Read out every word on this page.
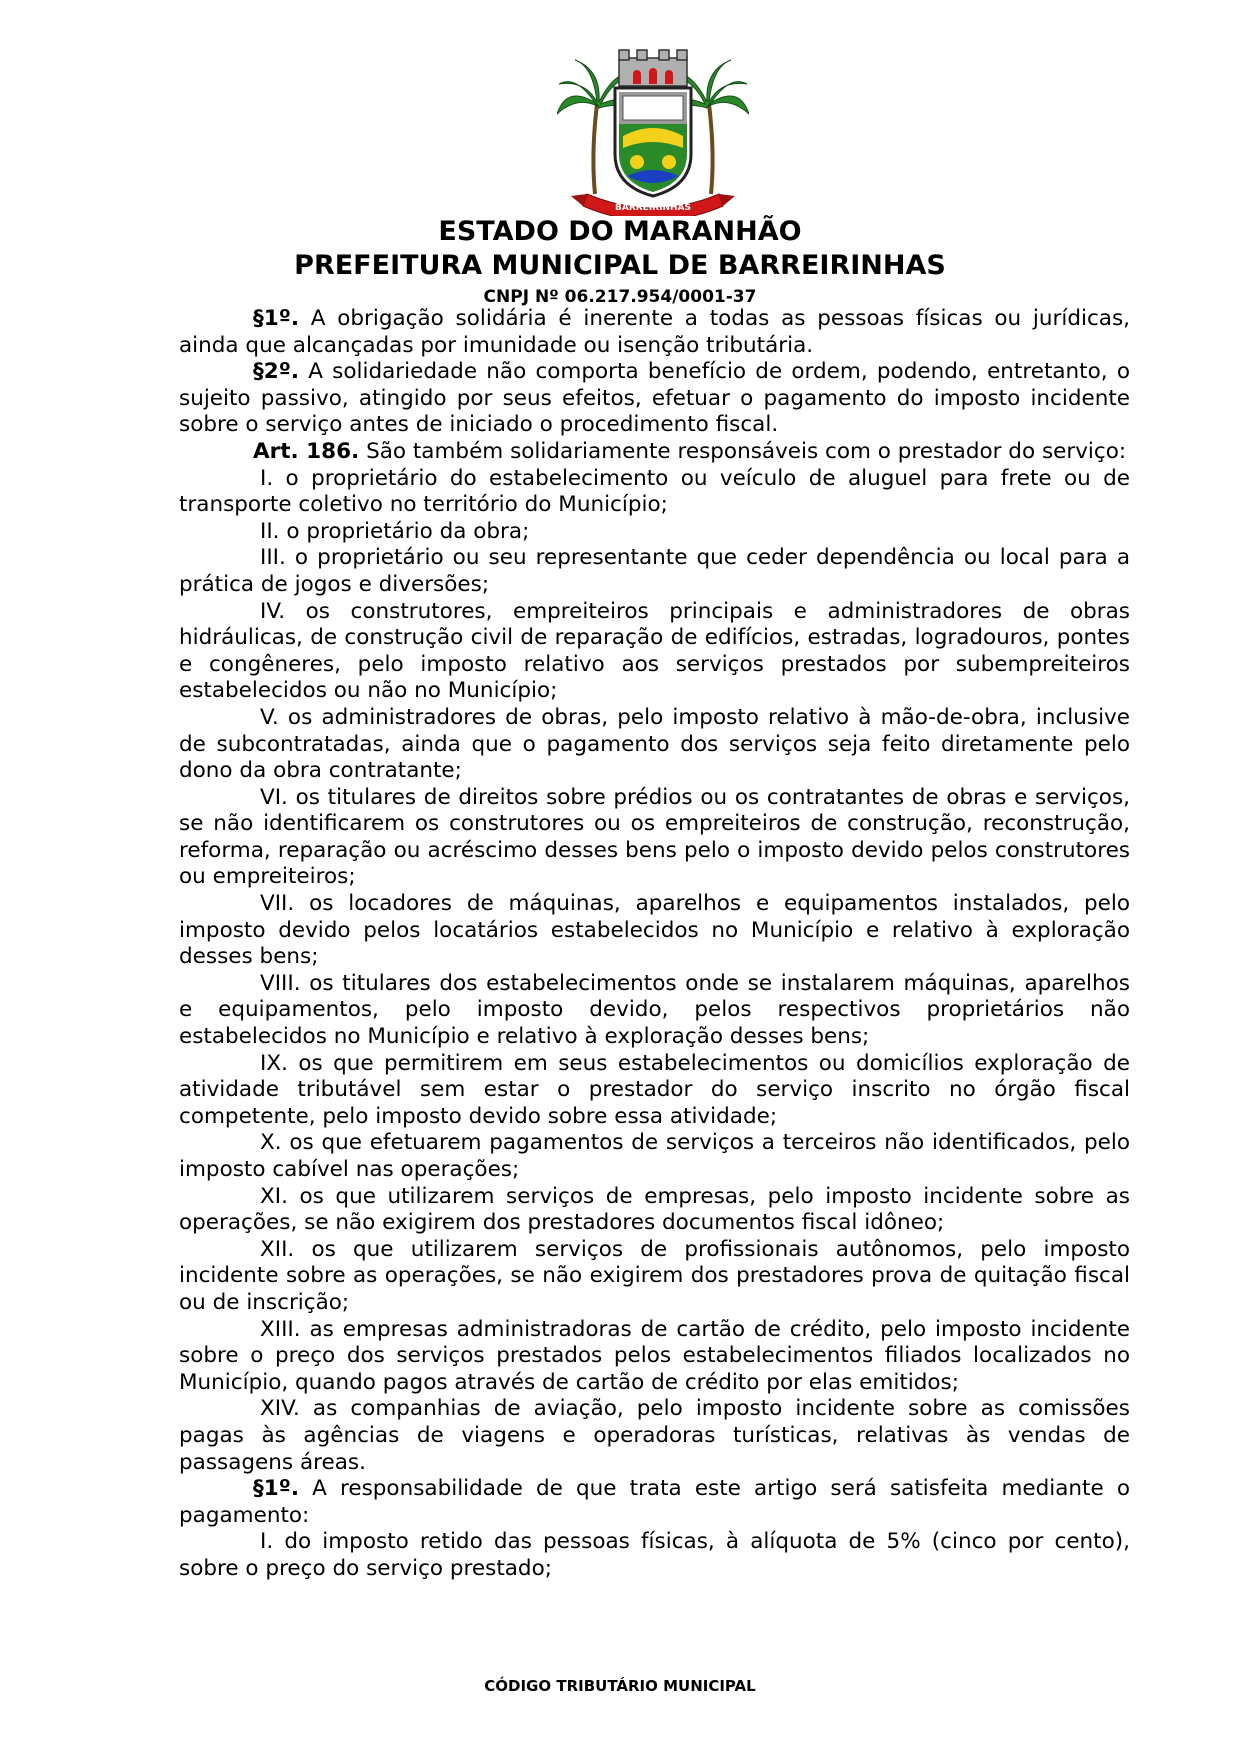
BARREIRINHAS
ESTADO DO MARANHÃO
PREFEITURA MUNICIPAL DE BARREIRINHAS
CNPJ Nº 06.217.954/0001-37

§1º. A obrigação solidária é inerente a todas as pessoas físicas ou jurídicas, ainda que alcançadas por imunidade ou isenção tributária.

§2º. A solidariedade não comporta benefício de ordem, podendo, entretanto, o sujeito passivo, atingido por seus efeitos, efetuar o pagamento do imposto incidente sobre o serviço antes de iniciado o procedimento fiscal.

Art. 186. São também solidariamente responsáveis com o prestador do serviço:

I. o proprietário do estabelecimento ou veículo de aluguel para frete ou de transporte coletivo no território do Município;

II. o proprietário da obra;

III. o proprietário ou seu representante que ceder dependência ou local para a prática de jogos e diversões;

IV. os construtores, empreiteiros principais e administradores de obras hidráulicas, de construção civil de reparação de edifícios, estradas, logradouros, pontes e congêneres, pelo imposto relativo aos serviços prestados por subempreiteiros estabelecidos ou não no Município;

V. os administradores de obras, pelo imposto relativo à mão-de-obra, inclusive de subcontratadas, ainda que o pagamento dos serviços seja feito diretamente pelo dono da obra contratante;

VI. os titulares de direitos sobre prédios ou os contratantes de obras e serviços, se não identificarem os construtores ou os empreiteiros de construção, reconstrução, reforma, reparação ou acréscimo desses bens pelo o imposto devido pelos construtores ou empreiteiros;

VII. os locadores de máquinas, aparelhos e equipamentos instalados, pelo imposto devido pelos locatários estabelecidos no Município e relativo à exploração desses bens;

VIII. os titulares dos estabelecimentos onde se instalarem máquinas, aparelhos e equipamentos, pelo imposto devido, pelos respectivos proprietários não estabelecidos no Município e relativo à exploração desses bens;

IX. os que permitirem em seus estabelecimentos ou domicílios exploração de atividade tributável sem estar o prestador do serviço inscrito no órgão fiscal competente, pelo imposto devido sobre essa atividade;

X. os que efetuarem pagamentos de serviços a terceiros não identificados, pelo imposto cabível nas operações;

XI. os que utilizarem serviços de empresas, pelo imposto incidente sobre as operações, se não exigirem dos prestadores documentos fiscal idôneo;

XII. os que utilizarem serviços de profissionais autônomos, pelo imposto incidente sobre as operações, se não exigirem dos prestadores prova de quitação fiscal ou de inscrição;

XIII. as empresas administradoras de cartão de crédito, pelo imposto incidente sobre o preço dos serviços prestados pelos estabelecimentos filiados localizados no Município, quando pagos através de cartão de crédito por elas emitidos;

XIV. as companhias de aviação, pelo imposto incidente sobre as comissões pagas às agências de viagens e operadoras turísticas, relativas às vendas de passagens áreas.

§1º. A responsabilidade de que trata este artigo será satisfeita mediante o pagamento:

I. do imposto retido das pessoas físicas, à alíquota de 5% (cinco por cento), sobre o preço do serviço prestado;

CÓDIGO TRIBUTÁRIO MUNICIPAL
